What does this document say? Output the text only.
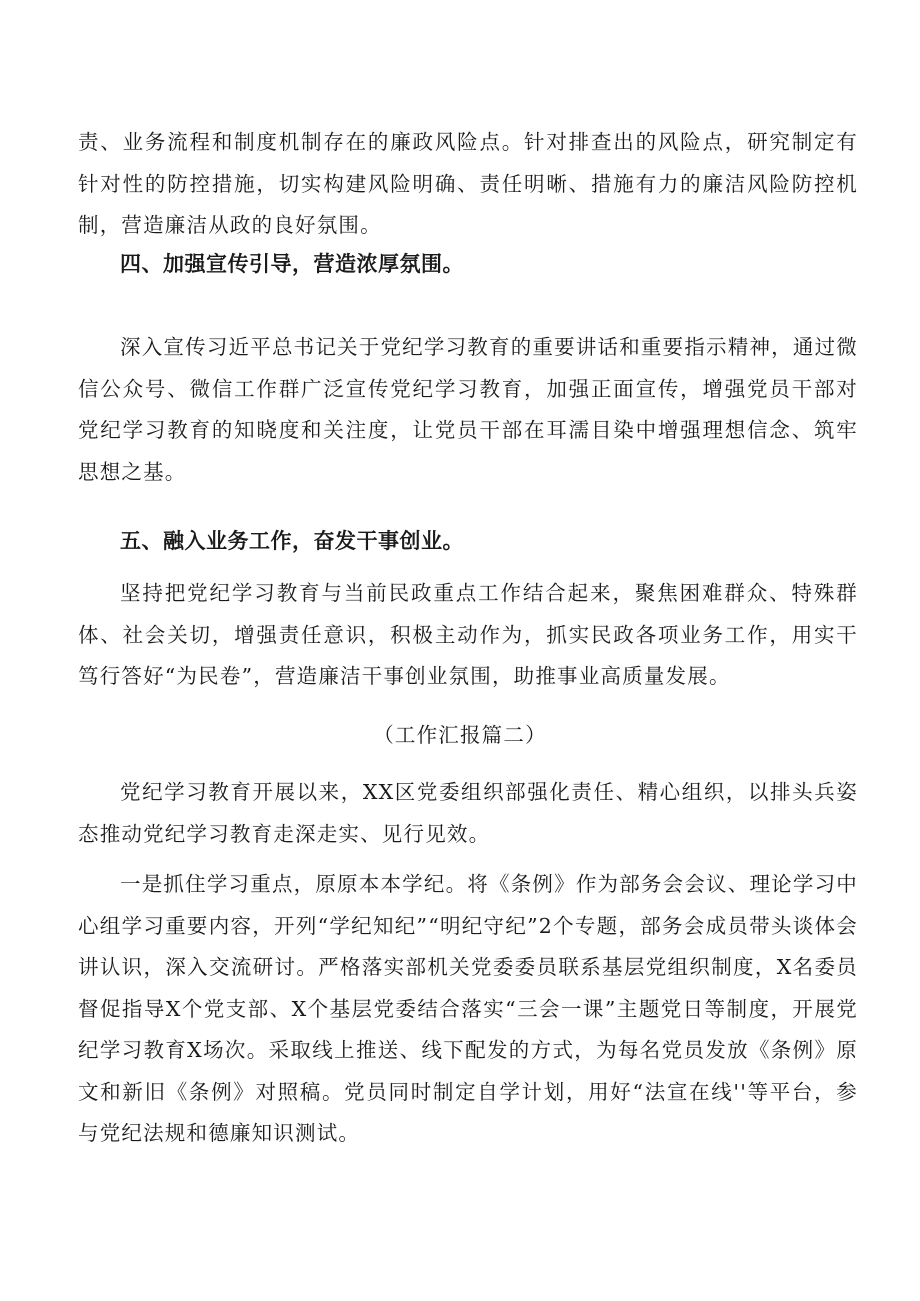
责、业务流程和制度机制存在的廉政风险点。针对排查出的风险点，研究制定有针对性的防控措施，切实构建风险明确、责任明晰、措施有力的廉洁风险防控机制，营造廉洁从政的良好氛围。

四、加强宣传引导，营造浓厚氛围。

深入宣传习近平总书记关于党纪学习教育的重要讲话和重要指示精神，通过微信公众号、微信工作群广泛宣传党纪学习教育，加强正面宣传，增强党员干部对党纪学习教育的知晓度和关注度，让党员干部在耳濡目染中增强理想信念、筑牢思想之基。

五、融入业务工作，奋发干事创业。

坚持把党纪学习教育与当前民政重点工作结合起来，聚焦困难群众、特殊群体、社会关切，增强责任意识，积极主动作为，抓实民政各项业务工作，用实干笃行答好“为民卷”，营造廉洁干事创业氛围，助推事业高质量发展。

（工作汇报篇二）

党纪学习教育开展以来，XX区党委组织部强化责任、精心组织，以排头兵姿态推动党纪学习教育走深走实、见行见效。

一是抓住学习重点，原原本本学纪。将《条例》作为部务会会议、理论学习中心组学习重要内容，开列“学纪知纪”“明纪守纪”2个专题，部务会成员带头谈体会讲认识，深入交流研讨。严格落实部机关党委委员联系基层党组织制度，X名委员督促指导X个党支部、X个基层党委结合落实“三会一课”主题党日等制度，开展党纪学习教育X场次。采取线上推送、线下配发的方式，为每名党员发放《条例》原文和新旧《条例》对照稿。党员同时制定自学计划，用好“法宣在线''等平台，参与党纪法规和德廉知识测试。
